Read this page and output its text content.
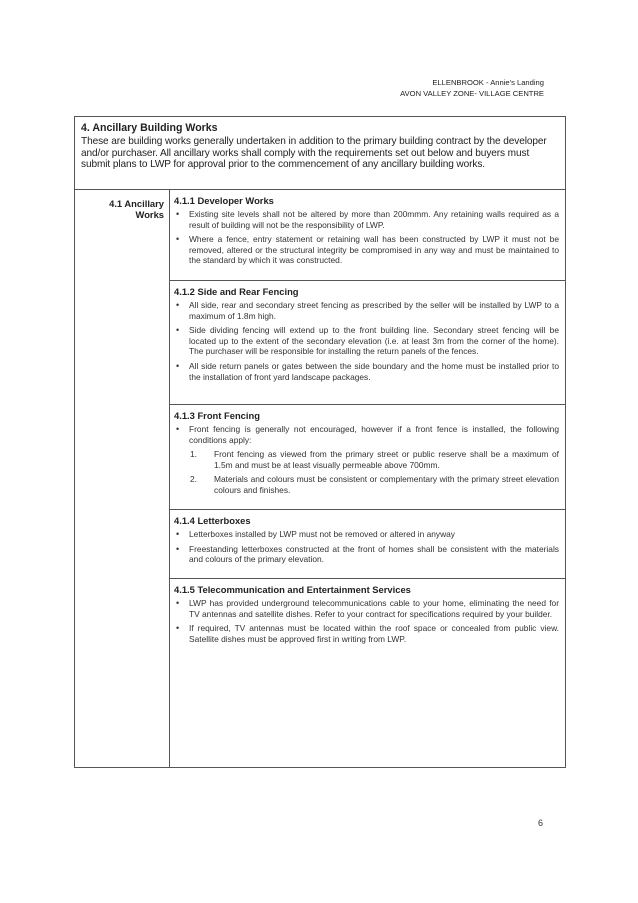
ELLENBROOK - Annie's Landing
AVON VALLEY ZONE- VILLAGE CENTRE
4. Ancillary Building Works

These are building works generally undertaken in addition to the primary building contract by the developer and/or purchaser. All ancillary works shall comply with the requirements set out below and buyers must submit plans to LWP for approval prior to the commencement of any ancillary building works.

4.1 Ancillary
Works
4.1.1 Developer Works
• Existing site levels shall not be altered by more than 200mmm. Any retaining walls required as a result of building will not be the responsibility of LWP.
• Where a fence, entry statement or retaining wall has been constructed by LWP it must not be removed, altered or the structural integrity be compromised in any way and must be maintained to the standard by which it was constructed.
4.1.2 Side and Rear Fencing
• All side, rear and secondary street fencing as prescribed by the seller will be installed by LWP to a maximum of 1.8m high.
• Side dividing fencing will extend up to the front building line. Secondary street fencing will be located up to the extent of the secondary elevation (i.e. at least 3m from the corner of the home). The purchaser will be responsible for installing the return panels of the fences.
• All side return panels or gates between the side boundary and the home must be installed prior to the installation of front yard landscape packages.
4.1.3 Front Fencing
• Front fencing is generally not encouraged, however if a front fence is installed, the following conditions apply:
1. Front fencing as viewed from the primary street or public reserve shall be a maximum of 1.5m and must be at least visually permeable above 700mm.
2. Materials and colours must be consistent or complementary with the primary street elevation colours and finishes.
4.1.4 Letterboxes
• Letterboxes installed by LWP must not be removed or altered in anyway
• Freestanding letterboxes constructed at the front of homes shall be consistent with the materials and colours of the primary elevation.
4.1.5 Telecommunication and Entertainment Services
• LWP has provided underground telecommunications cable to your home, eliminating the need for TV antennas and satellite dishes. Refer to your contract for specifications required by your builder.
• If required, TV antennas must be located within the roof space or concealed from public view. Satellite dishes must be approved first in writing from LWP.
6
